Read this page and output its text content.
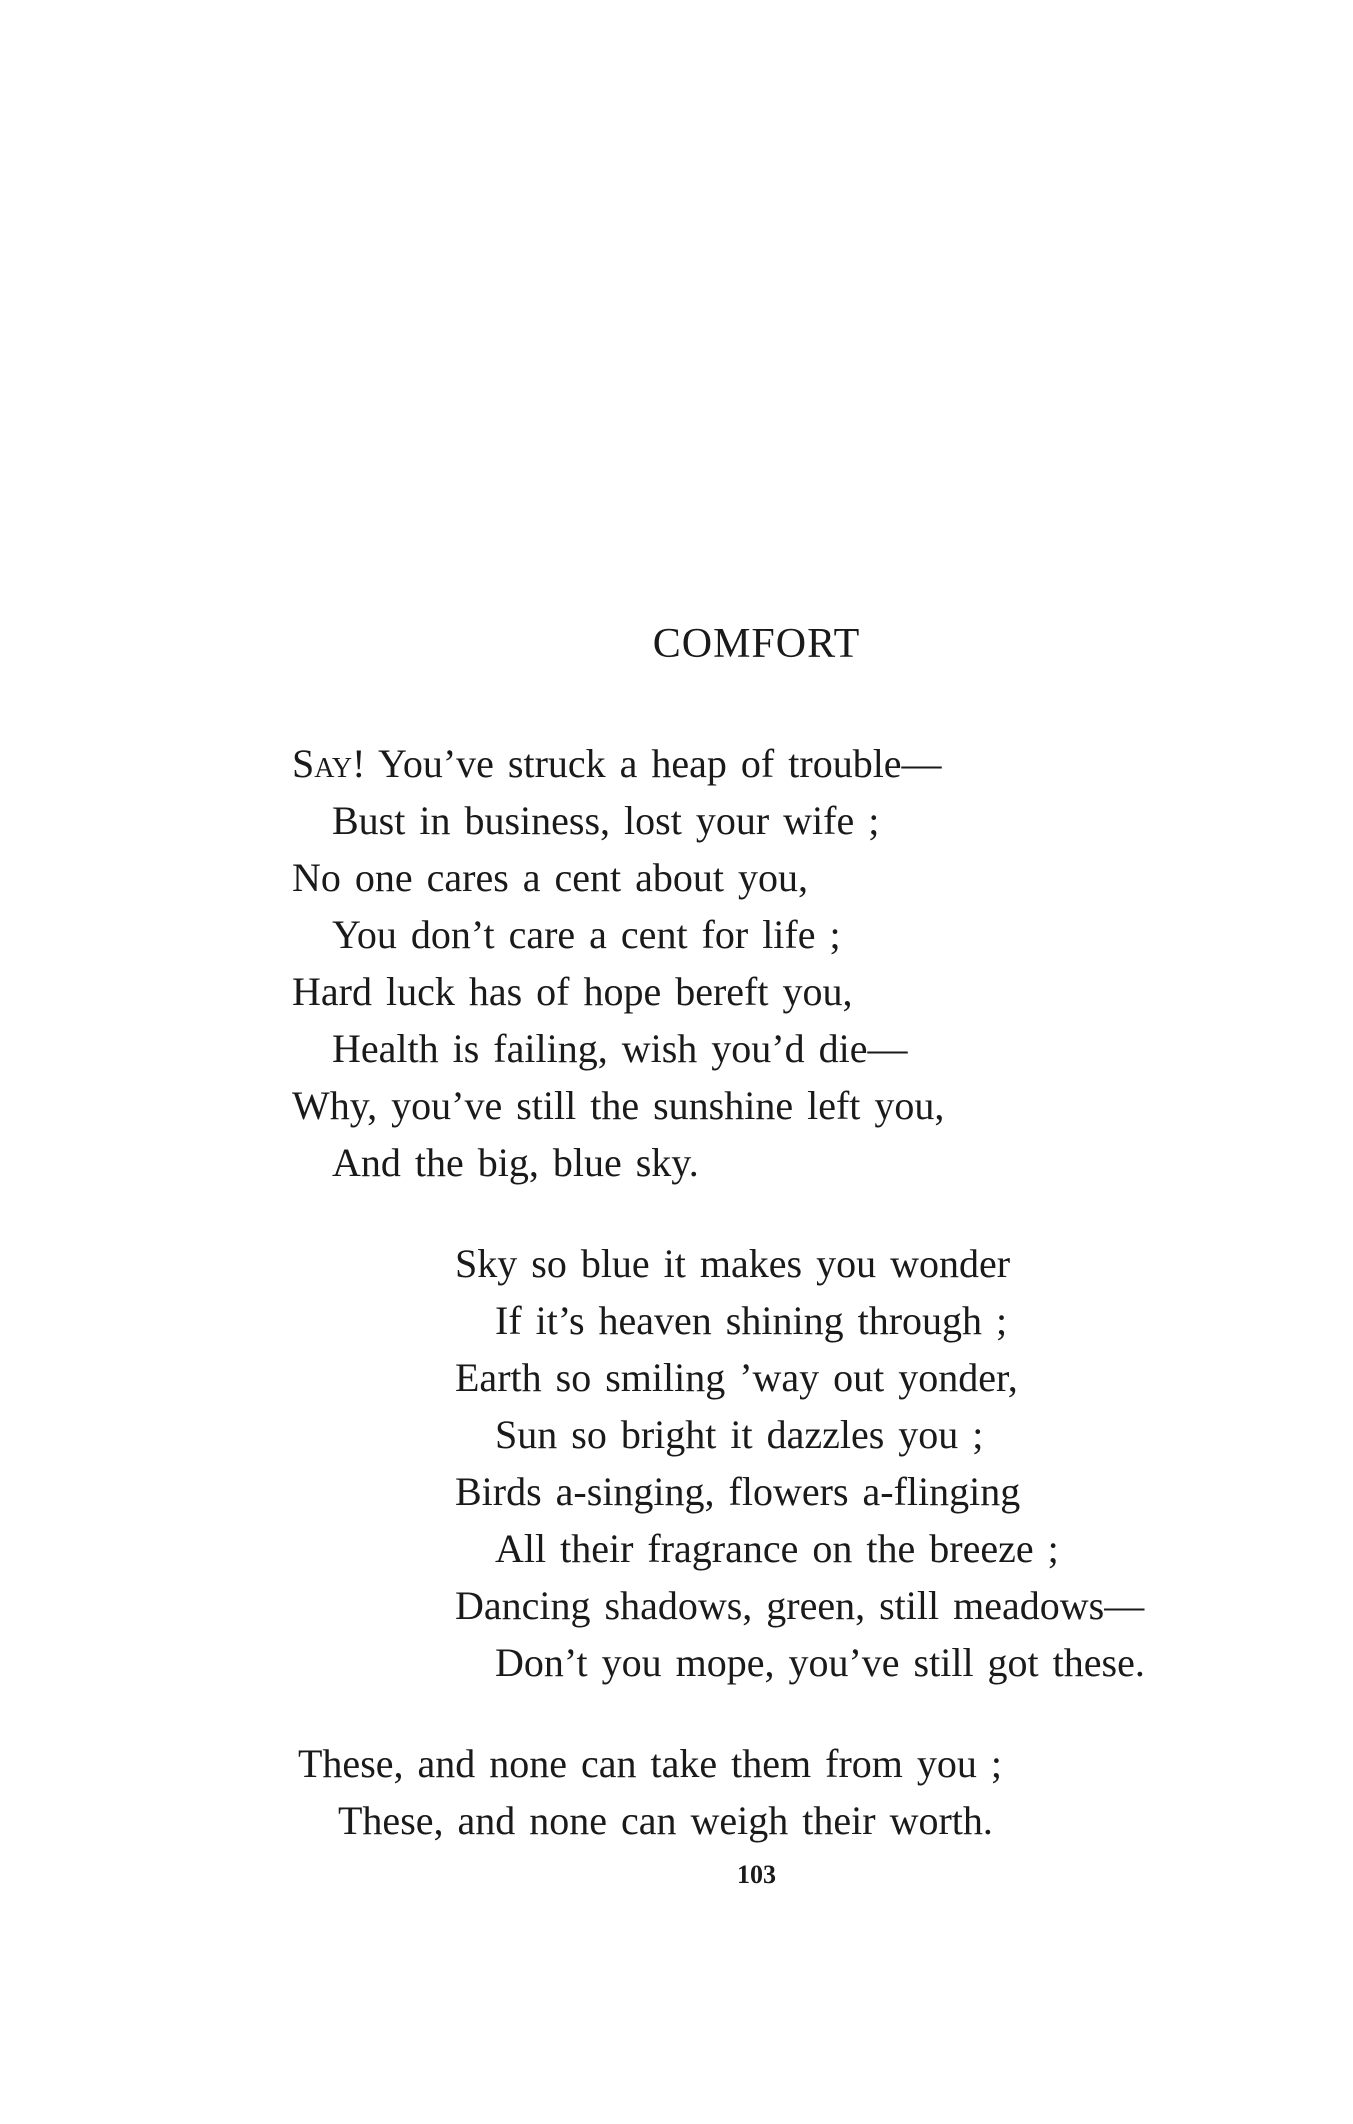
COMFORT
Say! You’ve struck a heap of trouble—
Bust in business, lost your wife ;
No one cares a cent about you,
You don’t care a cent for life ;
Hard luck has of hope bereft you,
Health is failing, wish you’d die—
Why, you’ve still the sunshine left you,
And the big, blue sky.
Sky so blue it makes you wonder
If it’s heaven shining through ;
Earth so smiling ’way out yonder,
Sun so bright it dazzles you ;
Birds a-singing, flowers a-flinging
All their fragrance on the breeze ;
Dancing shadows, green, still meadows—
Don’t you mope, you’ve still got these.
These, and none can take them from you ;
These, and none can weigh their worth.
103
